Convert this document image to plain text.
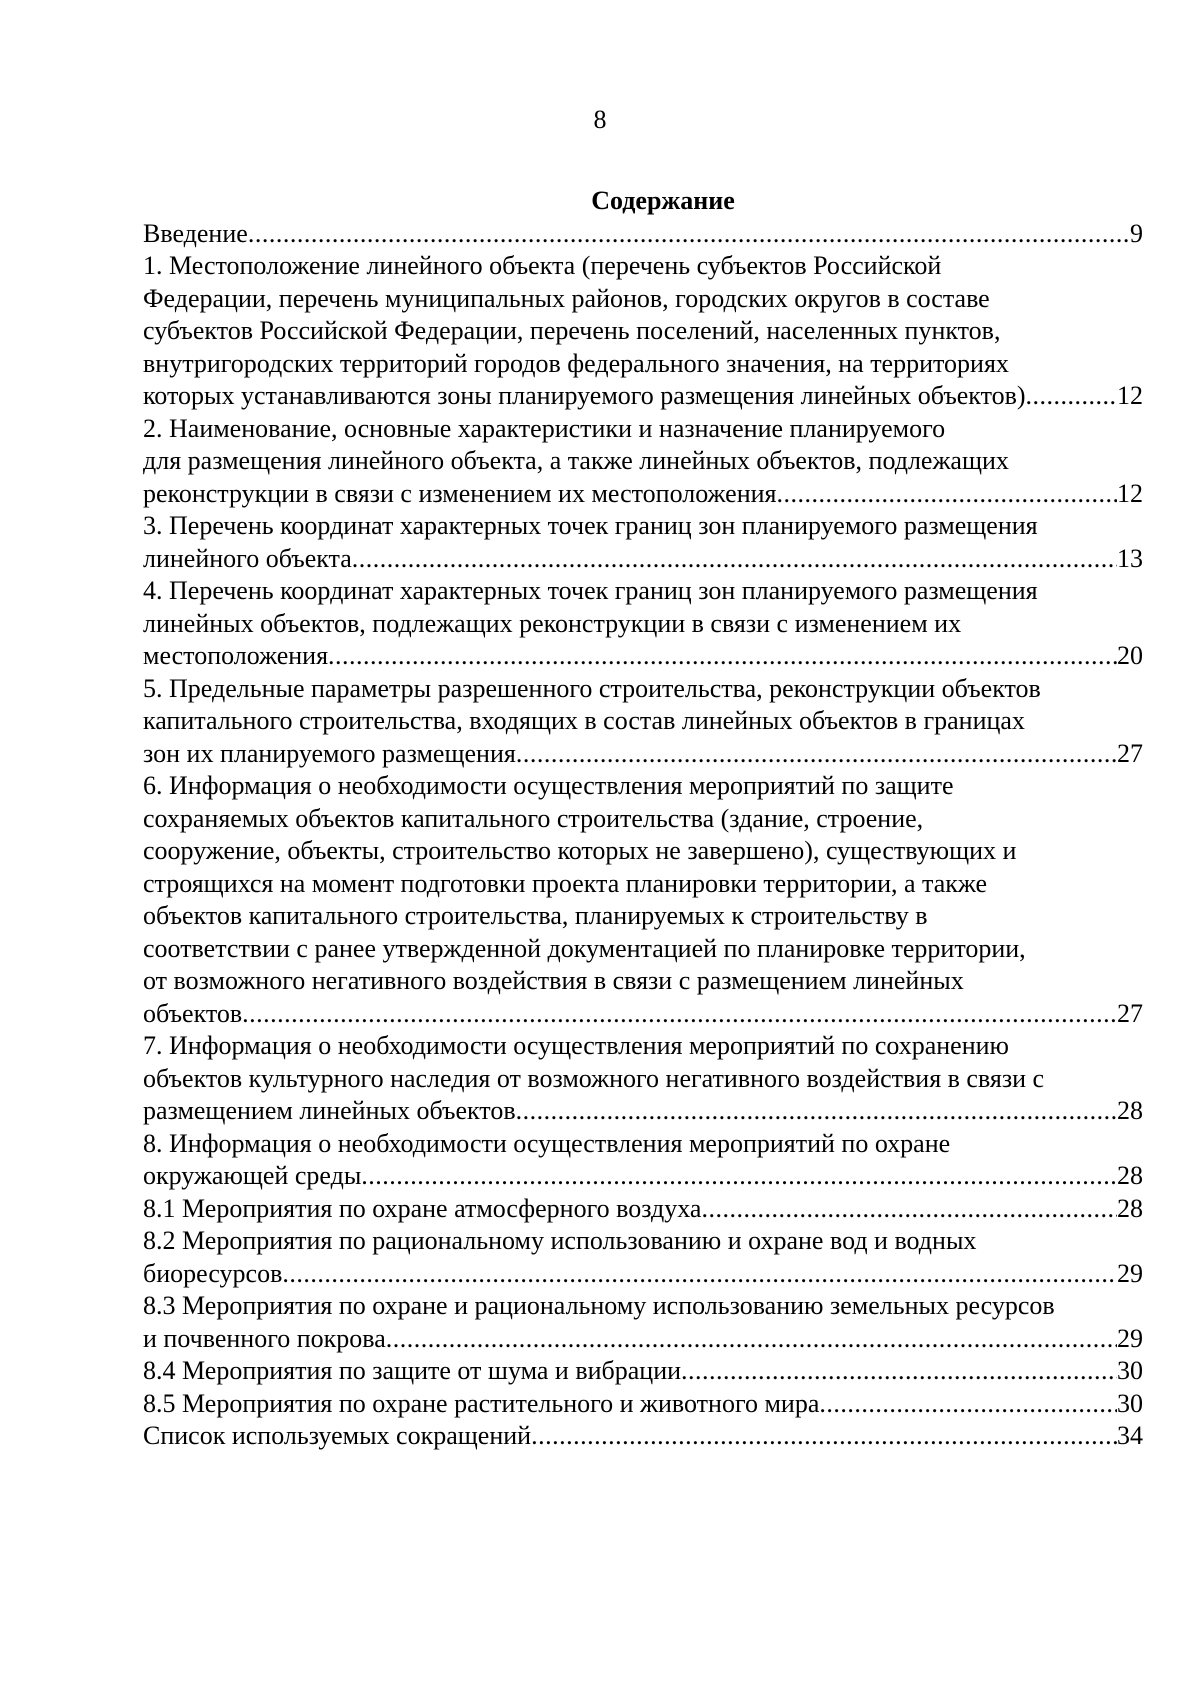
8
Содержание
Введение .....	9
1. Местоположение линейного объекта (перечень субъектов Российской
Федерации, перечень муниципальных районов, городских округов в составе
субъектов Российской Федерации, перечень поселений, населенных пунктов,
внутригородских территорий городов федерального значения, на территориях
которых устанавливаются зоны планируемого размещения линейных объектов) .....	12
2. Наименование, основные характеристики и назначение планируемого
для размещения линейного объекта, а также линейных объектов, подлежащих
реконструкции в связи с изменением их местоположения .....	12
3. Перечень координат характерных точек границ зон планируемого размещения
линейного объекта .....	13
4. Перечень координат характерных точек границ зон планируемого размещения
линейных объектов, подлежащих реконструкции в связи с изменением их
местоположения .....	20
5. Предельные параметры разрешенного строительства, реконструкции объектов
капитального строительства, входящих в состав линейных объектов в границах
зон их планируемого размещения .....	27
6. Информация о необходимости осуществления мероприятий по защите
сохраняемых объектов капитального строительства (здание, строение,
сооружение, объекты, строительство которых не завершено), существующих и
строящихся на момент подготовки проекта планировки территории, а также
объектов капитального строительства, планируемых к строительству в
соответствии с ранее утвержденной документацией по планировке территории,
от возможного негативного воздействия в связи с размещением линейных
объектов .....	27
7. Информация о необходимости осуществления мероприятий по сохранению
объектов культурного наследия от возможного негативного воздействия в связи с
размещением линейных объектов .....	28
8. Информация о необходимости осуществления мероприятий по охране
окружающей среды .....	28
8.1 Мероприятия по охране атмосферного воздуха .....	28
8.2 Мероприятия по рациональному использованию и охране вод и водных
биоресурсов .....	29
8.3 Мероприятия по охране и рациональному использованию земельных ресурсов
и почвенного покрова .....	29
8.4 Мероприятия по защите от шума и вибрации .....	30
8.5 Мероприятия по охране растительного и животного мира .....	30
Список используемых сокращений .....	34
